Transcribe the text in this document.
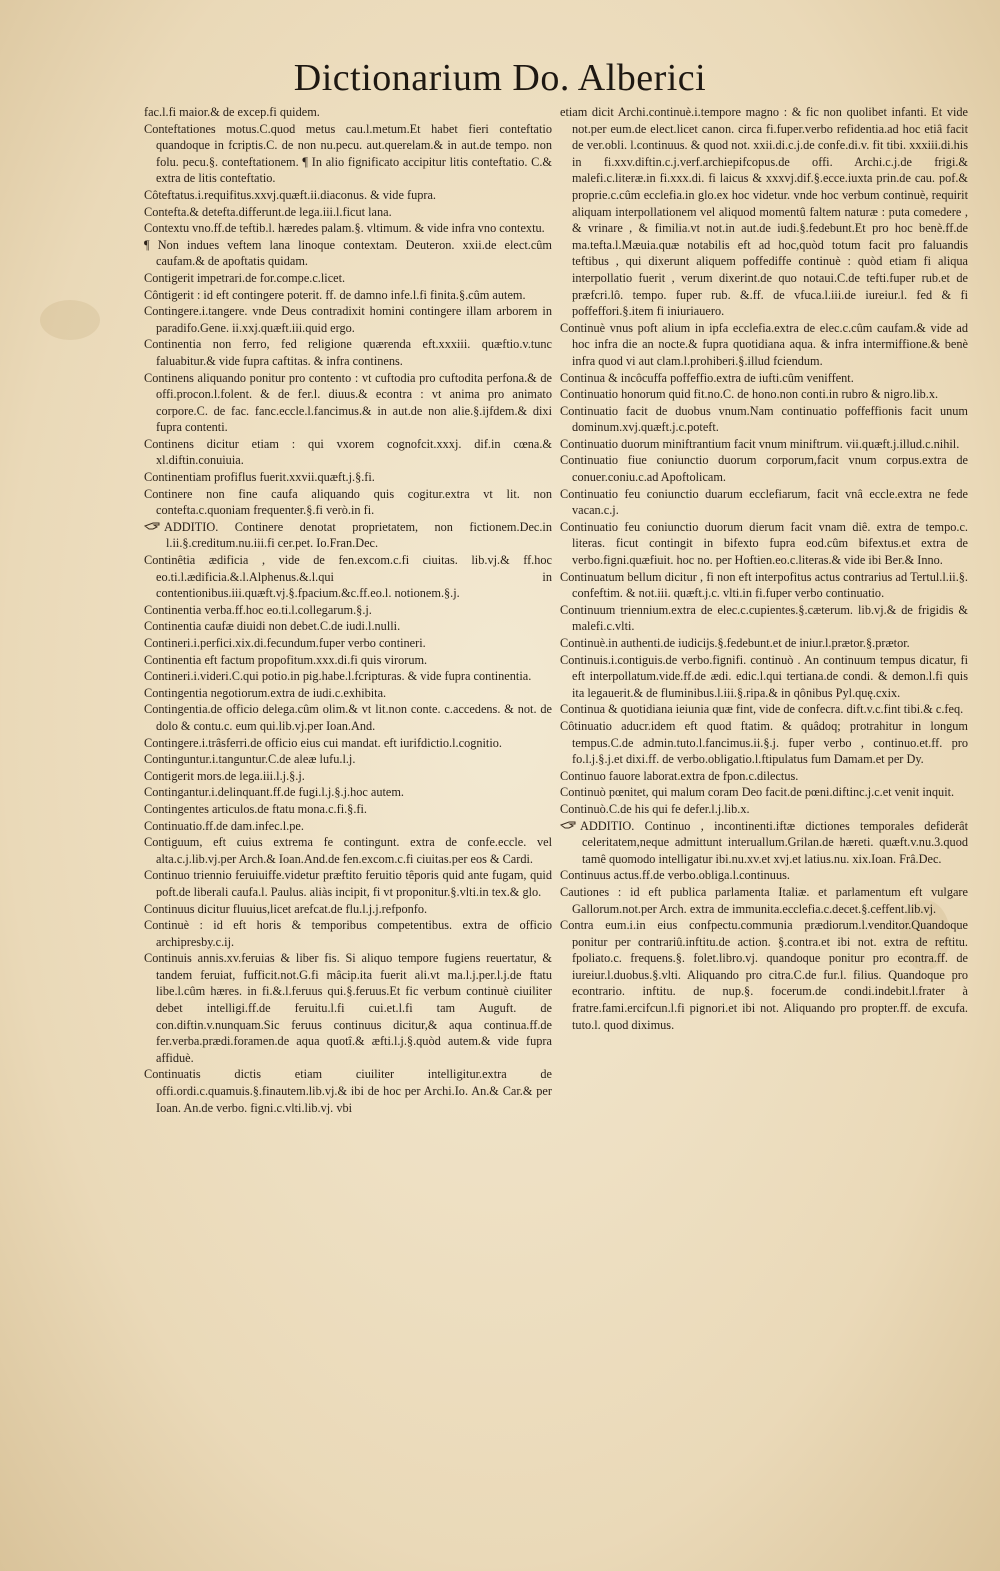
Dictionarium Do. Alberici

fac.l.fi maior.& de excep.fi quidem.

Conteftationes motus.C.quod metus cau.l.metum.Et habet fieri conteftatio quandoque in fcriptis.C. de non nu.pecu. aut.querelam.& in aut.de tempo. non folu. pecu.§. conteftationem. ¶ In alio fignificato accipitur litis conteftatio. C.& extra de litis conteftatio.

Côteftatus.i.requifitus.xxvj.quæft.ii.diaconus. & vide fupra.

Contefta.& detefta.differunt.de lega.iii.l.ficut lana.

Contextu vno.ff.de teftib.l. hæredes palam.§. vltimum. & vide infra vno contextu.

¶ Non indues veftem lana linoque contextam. Deuteron. xxii.de elect.cûm caufam.& de apoftatis quidam.

Contigerit impetrari.de for.compe.c.licet.

Côntigerit : id eft contingere poterit. ff. de damno infe.l.fi finita.§.cûm autem.

Contingere.i.tangere. vnde Deus contradixit homini contingere illam arborem in paradifo.Gene. ii.xxj.quæft.iii.quid ergo.

Continentia non ferro, fed religione quærenda eft.xxxiii. quæftio.v.tunc faluabitur.& vide fupra caftitas. & infra continens.

Continens aliquando ponitur pro contento : vt cuftodia pro cuftodita perfona.& de offi.procon.l.folent. & de fer.l. diuus.& econtra : vt anima pro animato corpore.C. de fac. fanc.eccle.l.fancimus.& in aut.de non alie.§.ijfdem.& dixi fupra contenti.

Continens dicitur etiam : qui vxorem cognofcit.xxxj. dif.in cœna.& xl.diftin.conuiuia.

Continentiam profiflus fuerit.xxvii.quæft.j.§.fi.

Continere non fine caufa aliquando quis cogitur.extra vt lit. non contefta.c.quoniam frequenter.§.fi verò.in fi.

ADDITIO. Continere denotat proprietatem, non fictionem.Dec.in l.ii.§.creditum.nu.iii.fi cer.pet. Io.Fran.Dec.

Continêtia ædificia , vide de fen.excom.c.fi ciuitas. lib.vj.& ff.hoc eo.ti.l.ædificia.&.l.Alphenus.&.l.qui in contentionibus.iii.quæft.vj.§.fpacium.&c.ff.eo.l. notionem.§.j.

Continentia verba.ff.hoc eo.ti.l.collegarum.§.j.

Continentia caufæ diuidi non debet.C.de iudi.l.nulli.

Contineri.i.perfici.xix.di.fecundum.fuper verbo contineri.

Continentia eft factum propofitum.xxx.di.fi quis virorum.

Contineri.i.videri.C.qui potio.in pig.habe.l.fcripturas. & vide fupra continentia.

Contingentia negotiorum.extra de iudi.c.exhibita.

Contingentia.de officio delega.cûm olim.& vt lit.non conte. c.accedens. & not. de dolo & contu.c. eum qui.lib.vj.per Ioan.And.

Contingere.i.trâsferri.de officio eius cui mandat. eft iurifdictio.l.cognitio.

Continguntur.i.tanguntur.C.de aleæ lufu.l.j.

Contigerit mors.de lega.iii.l.j.§.j.

Contingantur.i.delinquant.ff.de fugi.l.j.§.j.hoc autem.

Contingentes articulos.de ftatu mona.c.fi.§.fi.

Continuatio.ff.de dam.infec.l.pe.

Contiguum, eft cuius extrema fe contingunt. extra de confe.eccle. vel alta.c.j.lib.vj.per Arch.& Ioan.And.de fen.excom.c.fi ciuitas.per eos & Cardi.

Continuo triennio feruiuiffe.videtur præftito feruitio têporis quid ante fugam, quid poft.de liberali caufa.l. Paulus. aliàs incipit, fi vt proponitur.§.vlti.in tex.& glo.

Continuus dicitur fluuius,licet arefcat.de flu.l.j.j.refponfo.

Continuè : id eft horis & temporibus competentibus. extra de officio archipresby.c.ij.

Continuis annis.xv.feruias & liber fis. Si aliquo tempore fugiens reuertatur, & tandem feruiat, fufficit.not.G.fi mâcip.ita fuerit ali.vt ma.l.j.per.l.j.de ftatu libe.l.cûm hæres. in fi.&.l.feruus qui.§.feruus.Et fic verbum continuè ciuiliter debet intelligi.ff.de feruitu.l.fi cui.et.l.fi tam Auguft. de con.diftin.v.nunquam.Sic feruus continuus dicitur,& aqua continua.ff.de fer.verba.prædi.foramen.de aqua quotî.& æfti.l.j.§.quòd autem.& vide fupra affiduè.

Continuatis dictis etiam ciuiliter intelligitur.extra de offi.ordi.c.quamuis.§.finautem.lib.vj.& ibi de hoc per Archi.Io. An.& Car.& per Ioan. An.de verbo. figni.c.vlti.lib.vj. vbi

etiam dicit Archi.continuè.i.tempore magno : & fic non quolibet infanti. Et vide not.per eum.de elect.licet canon. circa fi.fuper.verbo refidentia.ad hoc etiâ facit de ver.obli. l.continuus. & quod not. xxii.di.c.j.de confe.di.v. fit tibi. xxxiii.di.his in fi.xxv.diftin.c.j.verf.archiepifcopus.de offi. Archi.c.j.de frigi.& malefi.c.literæ.in fi.xxx.di. fi laicus & xxxvj.dif.§.ecce.iuxta prin.de cau. pof.& proprie.c.cûm ecclefia.in glo.ex hoc videtur. vnde hoc verbum continuè, requirit aliquam interpollationem vel aliquod momentû faltem naturæ : puta comedere , & vrinare , & fimilia.vt not.in aut.de iudi.§.fedebunt.Et pro hoc benè.ff.de ma.tefta.l.Mæuia.quæ notabilis eft ad hoc,quòd totum facit pro faluandis teftibus , qui dixerunt aliquem poffediffe continuè : quòd etiam fi aliqua interpollatio fuerit , verum dixerint.de quo notaui.C.de tefti.fuper rub.et de præfcri.lô. tempo. fuper rub. &.ff. de vfuca.l.iii.de iureiur.l. fed & fi poffeffori.§.item fi iniuriauero.

Continuè vnus poft alium in ipfa ecclefia.extra de elec.c.cûm caufam.& vide ad hoc infra die an nocte.& fupra quotidiana aqua. & infra intermiffione.& benè infra quod vi aut clam.l.prohiberi.§.illud fciendum.

Continua & incôcuffa poffeffio.extra de iufti.cûm veniffent.

Continuatio honorum quid fit.no.C. de hono.non conti.in rubro & nigro.lib.x.

Continuatio facit de duobus vnum.Nam continuatio poffeffionis facit unum dominum.xvj.quæft.j.c.poteft.

Continuatio duorum miniftrantium facit vnum miniftrum. vii.quæft.j.illud.c.nihil.

Continuatio fiue coniunctio duorum corporum,facit vnum corpus.extra de conuer.coniu.c.ad Apoftolicam.

Continuatio feu coniunctio duarum ecclefiarum, facit vnâ eccle.extra ne fede vacan.c.j.

Continuatio feu coniunctio duorum dierum facit vnam diê. extra de tempo.c. literas. ficut contingit in bifexto fupra eod.cûm bifextus.et extra de verbo.figni.quæfiuit. hoc no. per Hoftien.eo.c.literas.& vide ibi Ber.& Inno.

Continuatum bellum dicitur , fi non eft interpofitus actus contrarius ad Tertul.l.ii.§. confeftim. & not.iii. quæft.j.c. vlti.in fi.fuper verbo continuatio.

Continuum triennium.extra de elec.c.cupientes.§.cæterum. lib.vj.& de frigidis & malefi.c.vlti.

Continuè.in authenti.de iudicijs.§.fedebunt.et de iniur.l.prætor.§.prætor.

Continuis.i.contiguis.de verbo.fignifi. continuò . An continuum tempus dicatur, fi eft interpollatum.vide.ff.de ædi. edic.l.qui tertiana.de condi. & demon.l.fi quis ita legauerit.& de fluminibus.l.iii.§.ripa.& in qônibus Pyl.quę.cxix.

Continua & quotidiana ieiunia quæ fint, vide de confecra. dift.v.c.fint tibi.& c.feq.

Côtinuatio aducr.idem eft quod ftatim. & quâdoq; protrahitur in longum tempus.C.de admin.tuto.l.fancimus.ii.§.j. fuper verbo , continuo.et.ff. pro fo.l.j.§.j.et dixi.ff. de verbo.obligatio.l.ftipulatus fum Damam.et per Dy.

Continuo fauore laborat.extra de fpon.c.dilectus.

Continuò pœnitet, qui malum coram Deo facit.de pœni.diftinc.j.c.et venit inquit.

Continuò.C.de his qui fe defer.l.j.lib.x.

ADDITIO. Continuo , incontinenti.iftæ dictiones temporales defiderât celeritatem,neque admittunt interuallum.Grilan.de hæreti. quæft.v.nu.3.quod tamê quomodo intelligatur ibi.nu.xv.et xvj.et latius.nu. xix.Ioan. Frâ.Dec.

Continuus actus.ff.de verbo.obliga.l.continuus.

Cautiones : id eft publica parlamenta Italiæ. et parlamentum eft vulgare Gallorum.not.per Arch. extra de immunita.ecclefia.c.decet.§.ceffent.lib.vj.

Contra eum.i.in eius confpectu.communia prædiorum.l.venditor.Quandoque ponitur per contrariû.inftitu.de action. §.contra.et ibi not. extra de reftitu. fpoliato.c. frequens.§. folet.libro.vj. quandoque ponitur pro econtra.ff. de iureiur.l.duobus.§.vlti. Aliquando pro citra.C.de fur.l. filius. Quandoque pro econtrario. inftitu. de nup.§. focerum.de condi.indebit.l.frater à fratre.fami.ercifcun.l.fi pignori.et ibi not. Aliquando pro propter.ff. de excufa. tuto.l. quod diximus.
